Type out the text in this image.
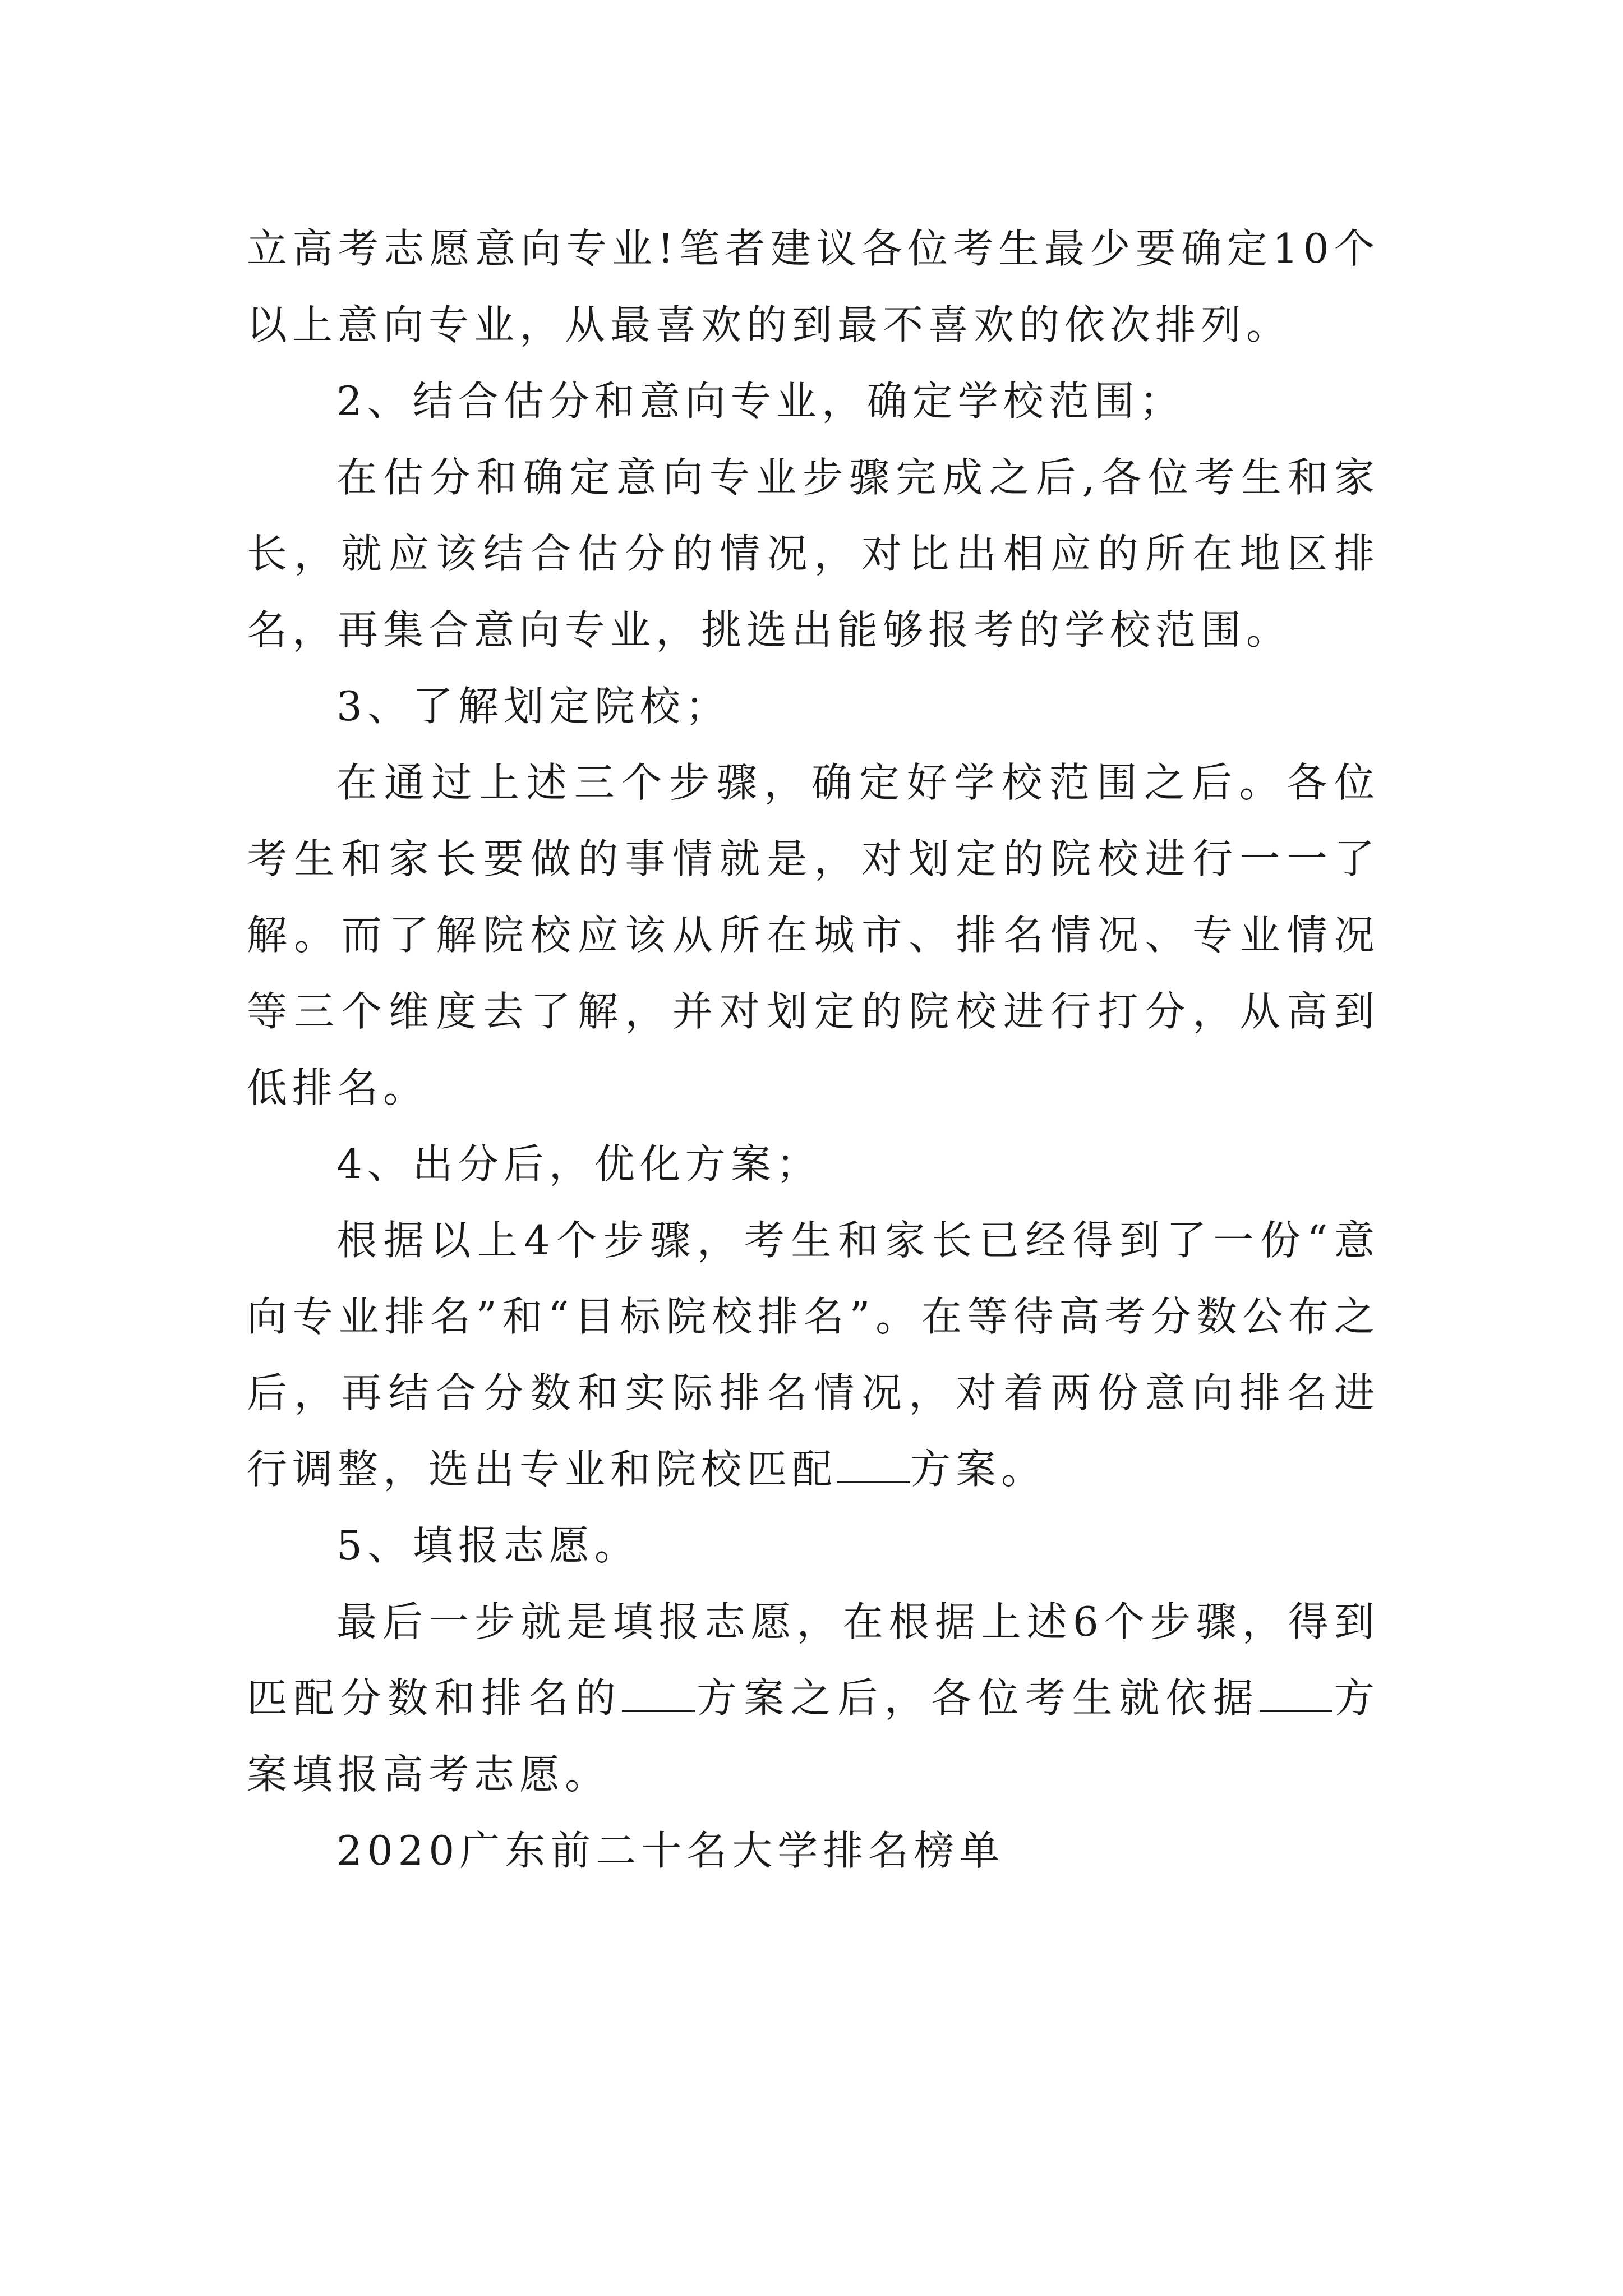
立高考志愿意向专业!笔者建议各位考生最少要确定10个以上意向专业，从最喜欢的到最不喜欢的依次排列。

2、结合估分和意向专业，确定学校范围；

在估分和确定意向专业步骤完成之后,各位考生和家长，就应该结合估分的情况，对比出相应的所在地区排名，再集合意向专业，挑选出能够报考的学校范围。

3、了解划定院校；

在通过上述三个步骤，确定好学校范围之后。各位考生和家长要做的事情就是，对划定的院校进行一一了解。而了解院校应该从所在城市、排名情况、专业情况等三个维度去了解，并对划定的院校进行打分，从高到低排名。

4、出分后，优化方案；

根据以上4个步骤，考生和家长已经得到了一份“意向专业排名”和“目标院校排名”。在等待高考分数公布之后，再结合分数和实际排名情况，对着两份意向排名进行调整，选出专业和院校匹配 方案。

5、填报志愿。

最后一步就是填报志愿，在根据上述6个步骤，得到匹配分数和排名的 方案之后，各位考生就依据 方案填报高考志愿。

2020广东前二十名大学排名榜单
